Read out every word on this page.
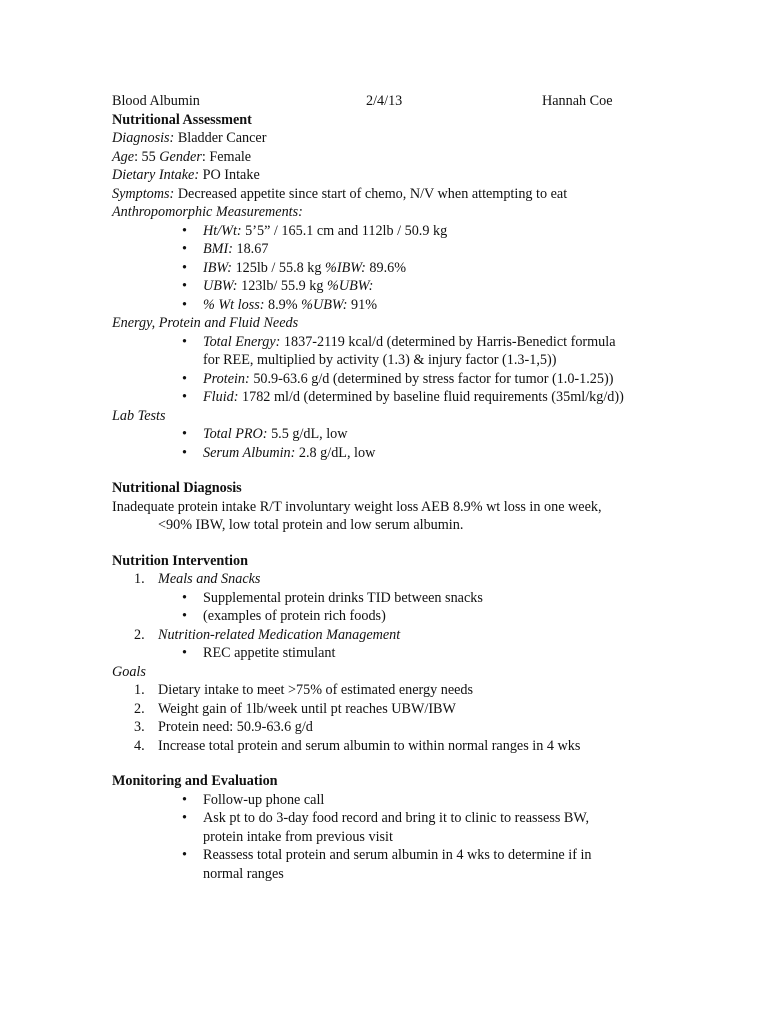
Blood Albumin	2/4/13	Hannah Coe
Nutritional Assessment
Diagnosis: Bladder Cancer
Age: 55 Gender: Female
Dietary Intake: PO Intake
Symptoms: Decreased appetite since start of chemo, N/V when attempting to eat
Anthropomorphic Measurements:
• Ht/Wt: 5’5” / 165.1 cm and 112lb / 50.9 kg
• BMI: 18.67
• IBW: 125lb / 55.8 kg %IBW: 89.6%
• UBW: 123lb/ 55.9 kg %UBW:
• % Wt loss: 8.9% %UBW: 91%
Energy, Protein and Fluid Needs
• Total Energy: 1837-2119 kcal/d (determined by Harris-Benedict formula
for REE, multiplied by activity (1.3) & injury factor (1.3-1,5))
• Protein: 50.9-63.6 g/d (determined by stress factor for tumor (1.0-1.25))
• Fluid: 1782 ml/d (determined by baseline fluid requirements (35ml/kg/d))
Lab Tests
• Total PRO: 5.5 g/dL, low
• Serum Albumin: 2.8 g/dL, low
Nutritional Diagnosis
Inadequate protein intake R/T involuntary weight loss AEB 8.9% wt loss in one week,
<90% IBW, low total protein and low serum albumin.
Nutrition Intervention
1. Meals and Snacks
• Supplemental protein drinks TID between snacks
• (examples of protein rich foods)
2. Nutrition-related Medication Management
• REC appetite stimulant
Goals
1. Dietary intake to meet >75% of estimated energy needs
2. Weight gain of 1lb/week until pt reaches UBW/IBW
3. Protein need: 50.9-63.6 g/d
4. Increase total protein and serum albumin to within normal ranges in 4 wks
Monitoring and Evaluation
• Follow-up phone call
• Ask pt to do 3-day food record and bring it to clinic to reassess BW,
protein intake from previous visit
• Reassess total protein and serum albumin in 4 wks to determine if in
normal ranges
